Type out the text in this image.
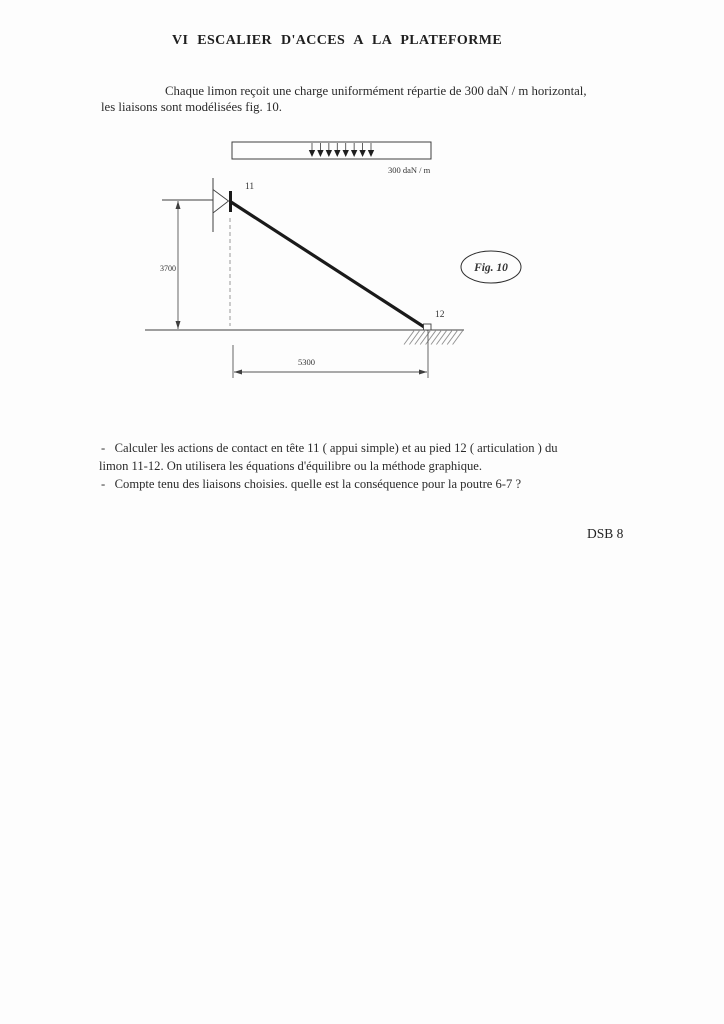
VI ESCALIER D'ACCES A LA PLATEFORME
Chaque limon reçoit une charge uniformément répartie de 300 daN / m horizontal,
les liaisons sont modélisées fig. 10.
300 daN / m
11
3700
12
5300
Fig. 10
-   Calculer les actions de contact en tête 11 ( appui simple) et au pied 12 ( articulation ) du
limon 11-12. On utilisera les équations d'équilibre ou la méthode graphique.
-   Compte tenu des liaisons choisies. quelle est la conséquence pour la poutre 6-7 ?
DSB 8
